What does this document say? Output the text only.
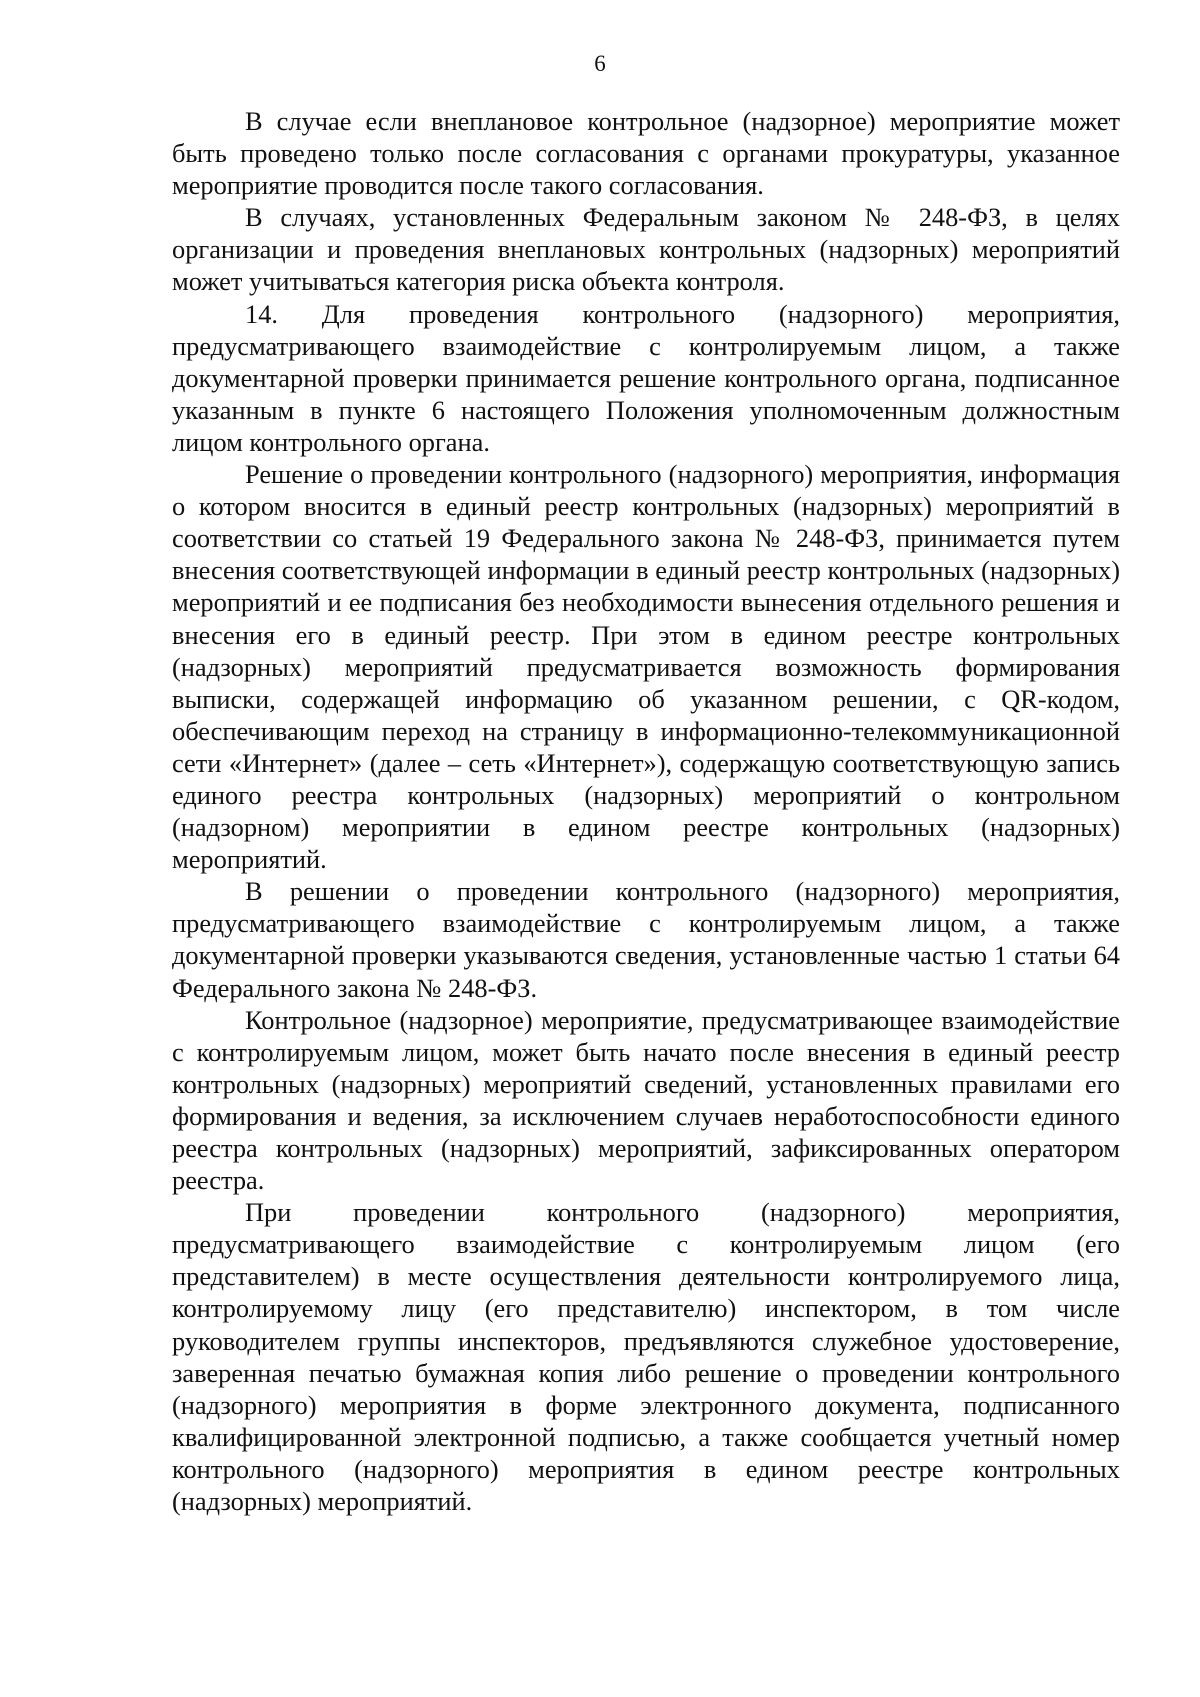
6

В случае если внеплановое контрольное (надзорное) мероприятие может быть проведено только после согласования с органами прокуратуры, указанное мероприятие проводится после такого согласования.

В случаях, установленных Федеральным законом № 248-ФЗ, в целях организации и проведения внеплановых контрольных (надзорных) мероприятий может учитываться категория риска объекта контроля.

14. Для проведения контрольного (надзорного) мероприятия, предусматривающего взаимодействие с контролируемым лицом, а также документарной проверки принимается решение контрольного органа, подписанное указанным в пункте 6 настоящего Положения уполномоченным должностным лицом контрольного органа.

Решение о проведении контрольного (надзорного) мероприятия, информация о котором вносится в единый реестр контрольных (надзорных) мероприятий в соответствии со статьей 19 Федерального закона № 248-ФЗ, принимается путем внесения соответствующей информации в единый реестр контрольных (надзорных) мероприятий и ее подписания без необходимости вынесения отдельного решения и внесения его в единый реестр. При этом в едином реестре контрольных (надзорных) мероприятий предусматривается возможность формирования выписки, содержащей информацию об указанном решении, с QR-кодом, обеспечивающим переход на страницу в информационно-телекоммуникационной сети «Интернет» (далее – сеть «Интернет»), содержащую соответствующую запись единого реестра контрольных (надзорных) мероприятий о контрольном (надзорном) мероприятии в едином реестре контрольных (надзорных) мероприятий.

В решении о проведении контрольного (надзорного) мероприятия, предусматривающего взаимодействие с контролируемым лицом, а также документарной проверки указываются сведения, установленные частью 1 статьи 64 Федерального закона № 248-ФЗ.

Контрольное (надзорное) мероприятие, предусматривающее взаимодействие с контролируемым лицом, может быть начато после внесения в единый реестр контрольных (надзорных) мероприятий сведений, установленных правилами его формирования и ведения, за исключением случаев неработоспособности единого реестра контрольных (надзорных) мероприятий, зафиксированных оператором реестра.

При проведении контрольного (надзорного) мероприятия, предусматривающего взаимодействие с контролируемым лицом (его представителем) в месте осуществления деятельности контролируемого лица, контролируемому лицу (его представителю) инспектором, в том числе руководителем группы инспекторов, предъявляются служебное удостоверение, заверенная печатью бумажная копия либо решение о проведении контрольного (надзорного) мероприятия в форме электронного документа, подписанного квалифицированной электронной подписью, а также сообщается учетный номер контрольного (надзорного) мероприятия в едином реестре контрольных (надзорных) мероприятий.
